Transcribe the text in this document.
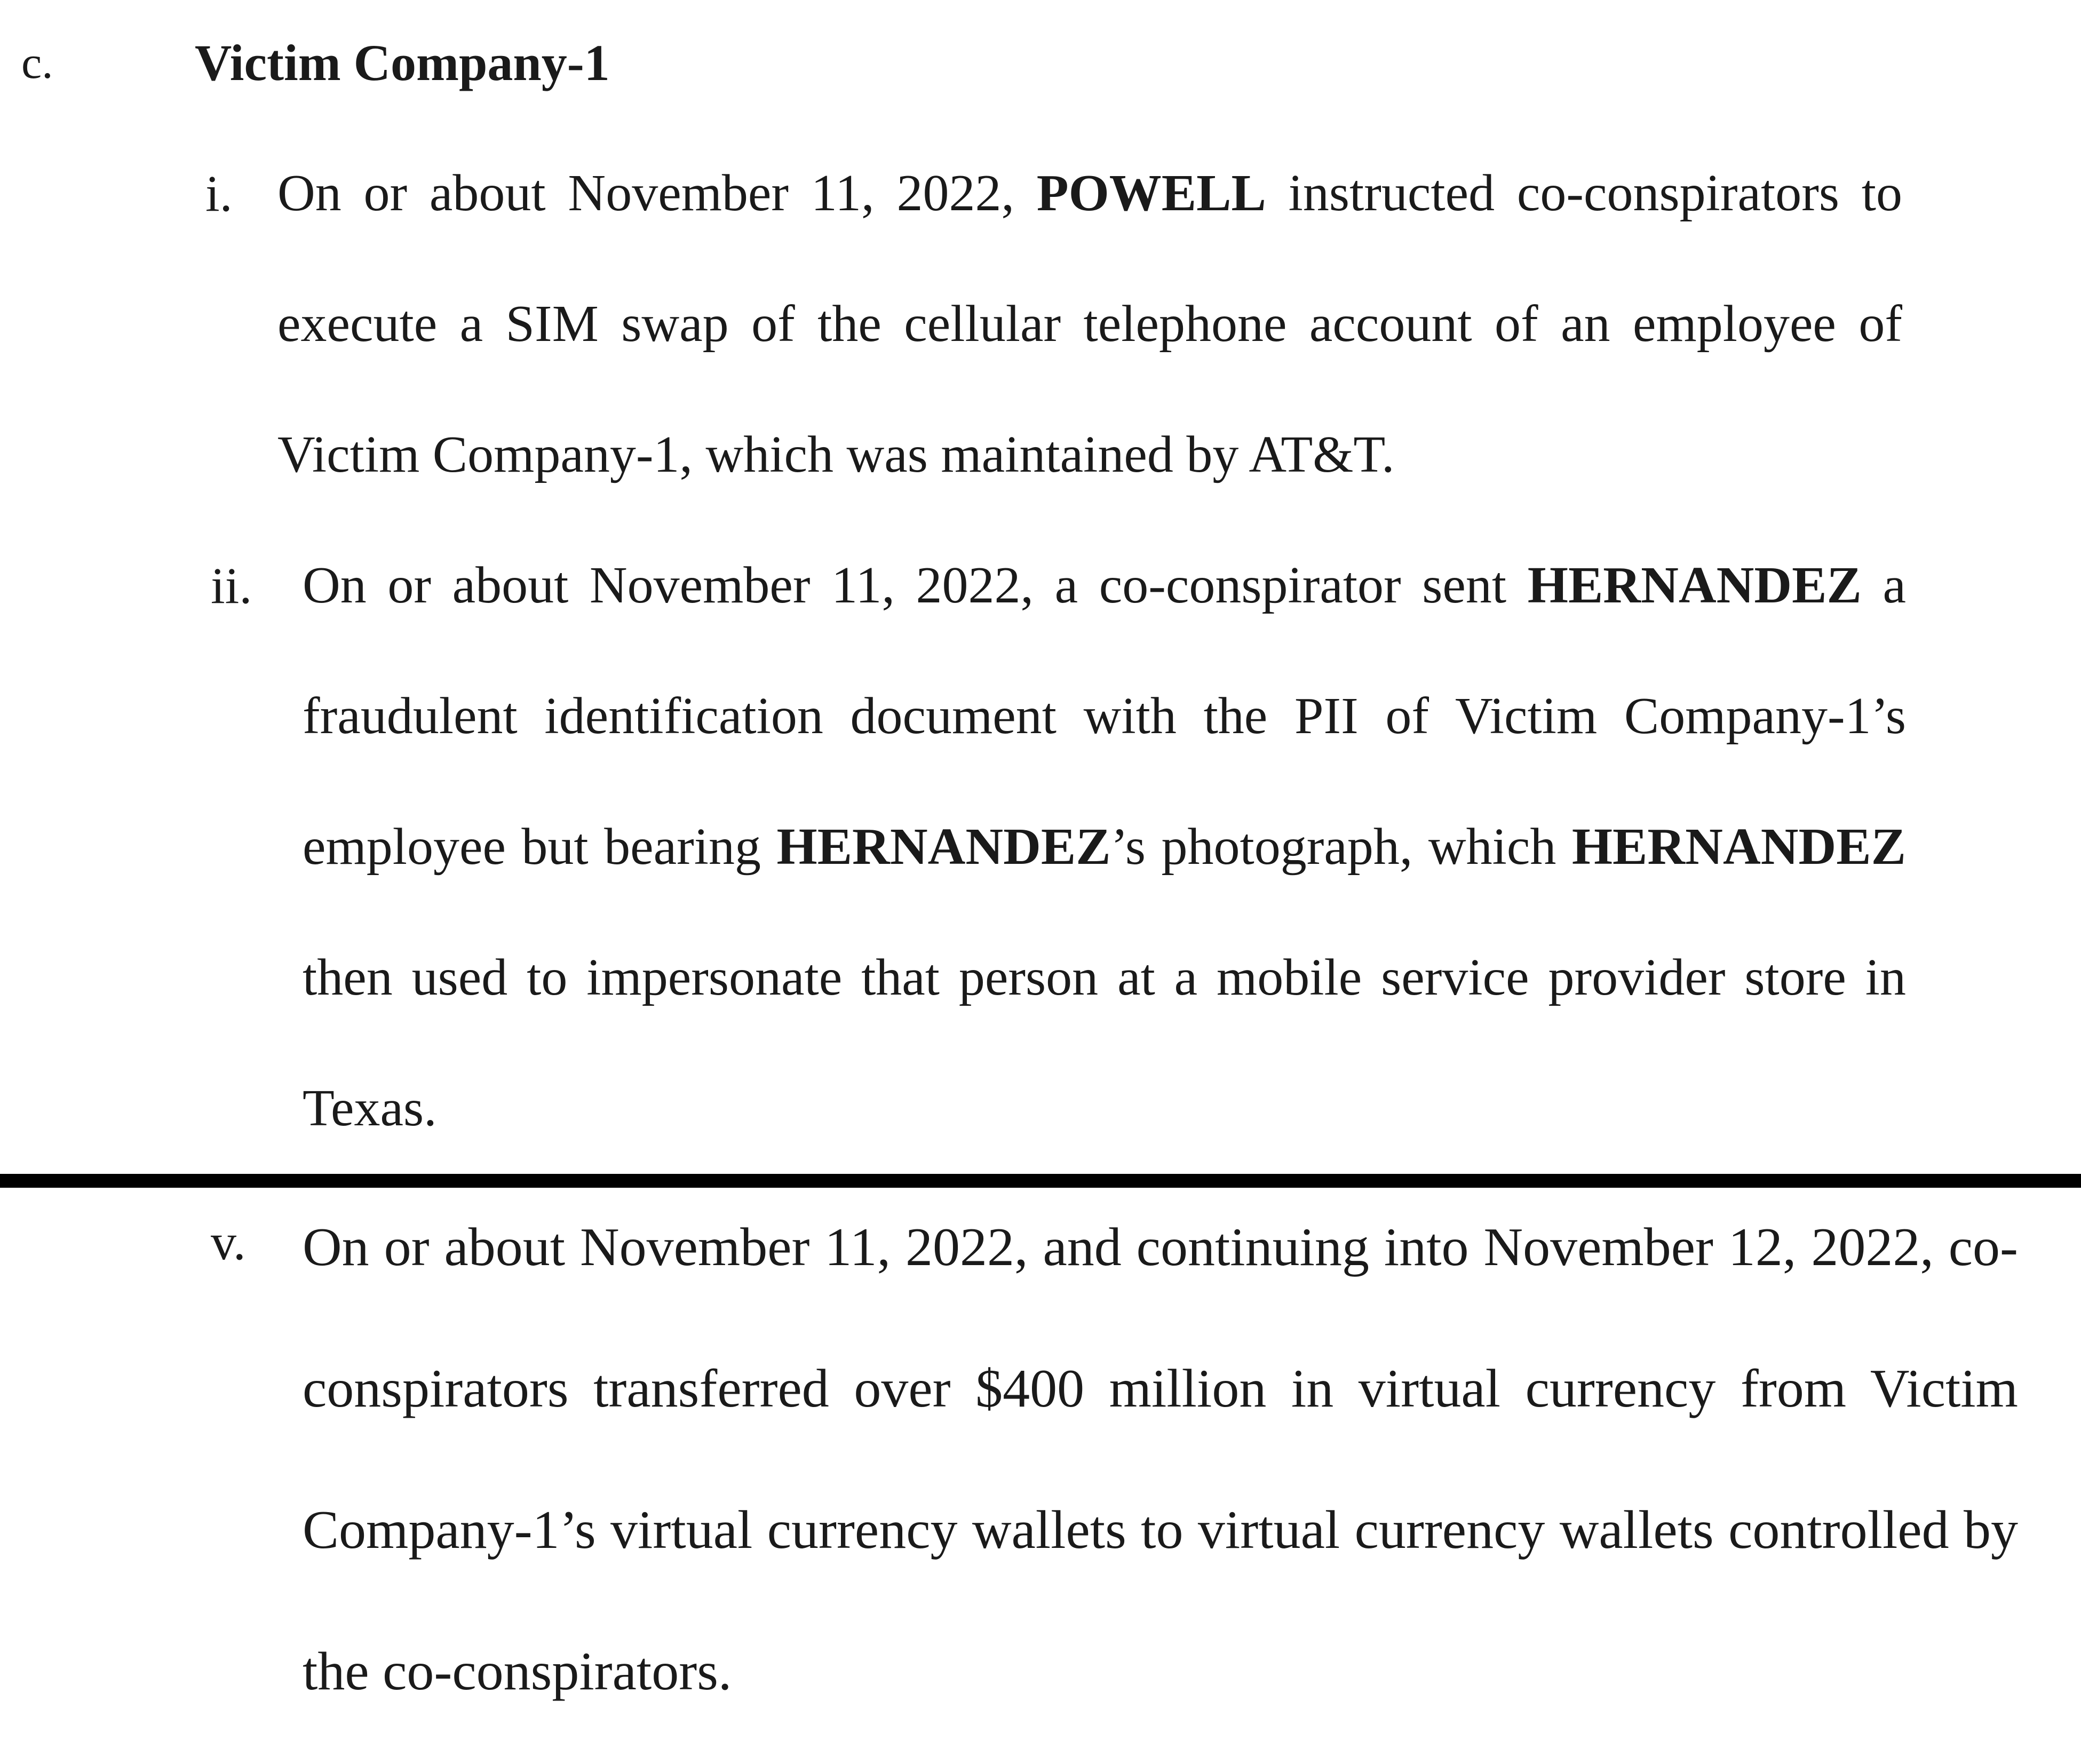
c.	Victim Company-1
i. On or about November 11, 2022, POWELL instructed co-conspirators to execute a SIM swap of the cellular telephone account of an employee of Victim Company-1, which was maintained by AT&T.
ii. On or about November 11, 2022, a co-conspirator sent HERNANDEZ a fraudulent identification document with the PII of Victim Company-1’s employee but bearing HERNANDEZ’s photograph, which HERNANDEZ then used to impersonate that person at a mobile service provider store in Texas.
v. On or about November 11, 2022, and continuing into November 12, 2022, co-conspirators transferred over $400 million in virtual currency from Victim Company-1’s virtual currency wallets to virtual currency wallets controlled by the co-conspirators.
